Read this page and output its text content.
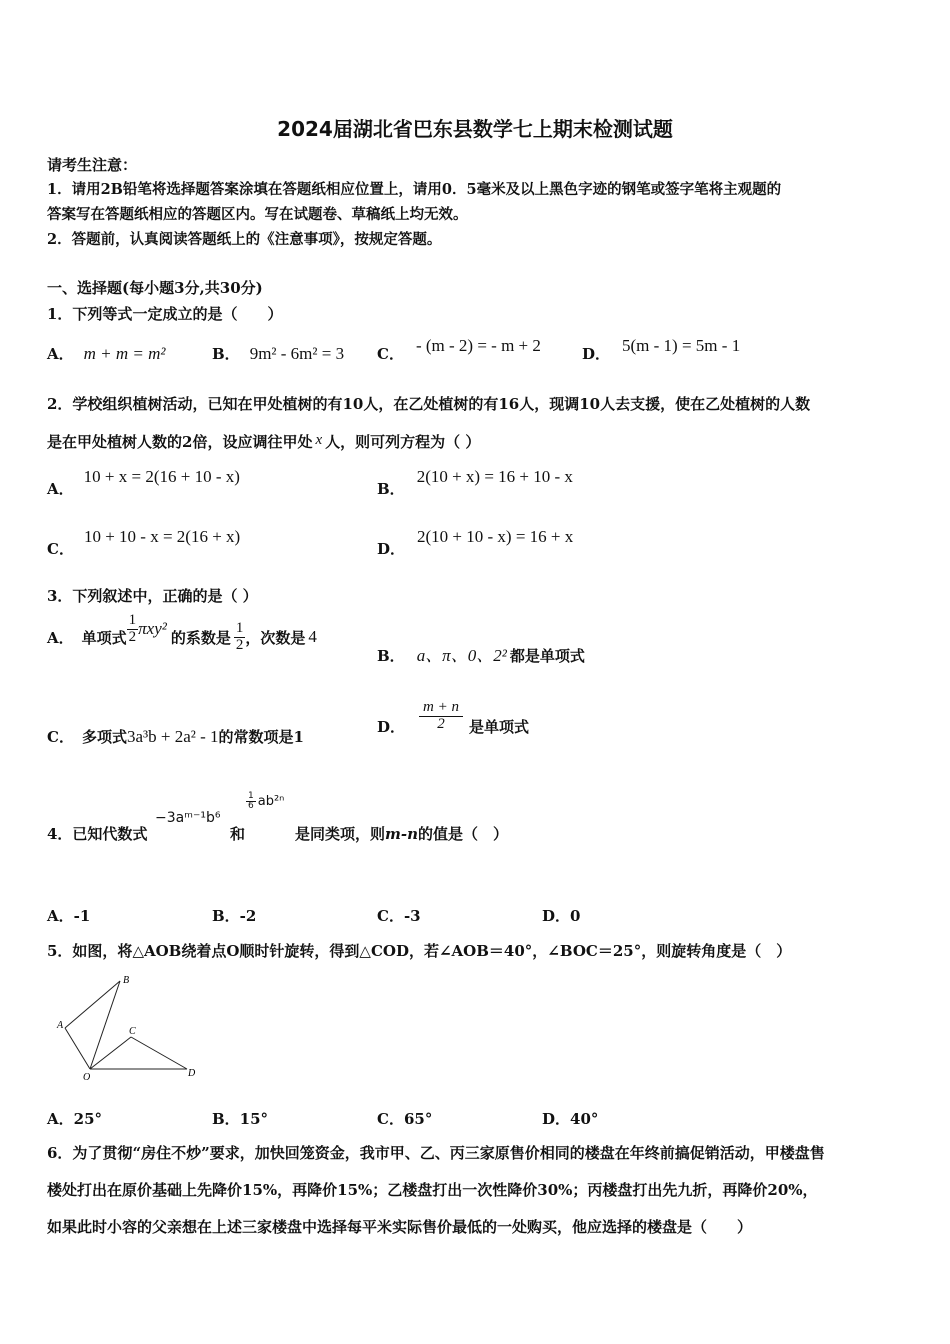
2024届湖北省巴东县数学七上期末检测试题
请考生注意：
1．请用2B铅笔将选择题答案涂填在答题纸相应位置上，请用0．5毫米及以上黑色字迹的钢笔或签字笔将主观题的
答案写在答题纸相应的答题区内。写在试题卷、草稿纸上均无效。
2．答题前，认真阅读答题纸上的《注意事项》，按规定答题。
一、选择题(每小题3分,共30分)
1．下列等式一定成立的是（　　）
A． m + m = m²	B． 9m² - 6m² = 3 C． - (m - 2) = - m + 2	D． 5(m - 1) = 5m - 1
2．学校组织植树活动，已知在甲处植树的有10人，在乙处植树的有16人，现调10人去支援，使在乙处植树的人数
是在甲处植树人数的2倍，设应调往甲处 x 人，则可列方程为（ ）
A．10 + x = 2(16 + 10 - x)
B．2(10 + x) = 16 + 10 - x
C．10 + 10 - x = 2(16 + x)
D．2(10 + 10 - x) = 16 + x
3．下列叙述中，正确的是（ ）
A． 单项式 $\frac{1}{2} \pi xy^2$ 的系数是 $\frac{1}{2}$ ，次数是 4
B． a、π、0、2² 都是单项式
C． 多项式3a³b + 2a² - 1的常数项是1
D． $\frac{m + n}{2}$ 是单项式
4．已知代数式
−3aᵐ⁻¹b⁶
和
$\frac{1}{6} ab^{2n}$
是同类项，则m-n的值是（　）
A．-1	B．-2	C．-3	D．0
5．如图，将△AOB绕着点O顺时针旋转，得到△COD，若∠AOB＝40°，∠BOC＝25°，则旋转角度是（　）
A
B
C
D
O
A．25°	B．15°	C．65°	D．40°
6．为了贯彻“房住不炒”要求，加快回笼资金，我市甲、乙、丙三家原售价相同的楼盘在年终前搞促销活动，甲楼盘售
楼处打出在原价基础上先降价15%，再降价15%；乙楼盘打出一次性降价30%；丙楼盘打出先九折，再降价20%，
如果此时小容的父亲想在上述三家楼盘中选择每平米实际售价最低的一处购买，他应选择的楼盘是（　　）
